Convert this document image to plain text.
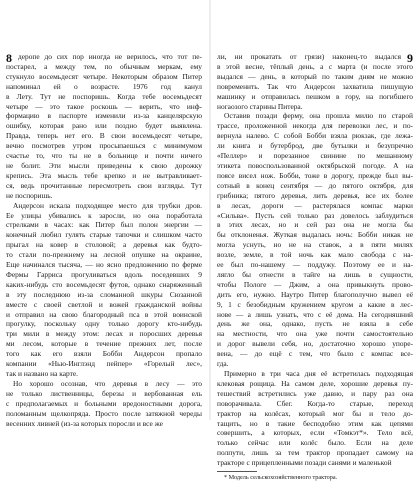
8 деропе до сих пор иногда не верилось, что тот пе-
постарел, а между тем, по обычным меркам, ему
стукнуло восемьдесят четыре. Некоторым образом Питер
напоминал ей о возрасте. 1976 год канул
в Лету. Тут не поспоришь. Когда тебе восемьдесят
четыре — это такое роскошь — верить, что инф-
формацию в паспорте изменили из-за канцелярскую
ошибку, которая рано или поздно будет выявлена.
Правда, теперь нет его. В свои восемьдесят четыре,
вечно посмотрев утром просыпаешься с минимумом
счастье то, что ты не в больнице и почти ничего
не болит. Эти мысли приведены к свою дорожку
крепись. Эта мысль тебе крепко и не вытравливает-
ся, ведь прочитанные пересмотреть свои взгляды. Тут
не поспоришь.
Андерсон искала подходящее место для трубки дров.
Ее улицы убивались к заросли, но она поработала
стрелками в часах: как Питер был полон энергии —
конечный любил гулять старые тапочки и слишком часто
прыгал на ковер в столовой; а деревья как будто-
то стали по-прежнему на лесной опушке на окраине,
Еще начинался тысяча, — но ясно предложению по ферме
Фермы Гарриса прогуливаться вдоль поседевших 9
каких-нибудь сто восемьдесят футов, однако снаряженный
в эту последнюю из-за сломанной шкуры Сюзанной
вместе с своей светлой и вожей гражданской войны
и отправил на свою благородный пса в этой воинской
прогулку, поскольку одну только дорогу кто-нибудь
три мили в между этом: лесах и поросших деревья
ми лесом, которые в течение прежних лет, после
того как его взяли Бобби Андерсон пропало
компании «Нью-Инглэнд пейпер» «Горелый лес»,
так и названо на карте.
Но хорошо осознав, что деревья в лесу — это
не только лиственницы, березы и вербованная ель
с предполагаемых и больными вредоностными дорога,
поломанным щелкопряда. Просто после затяжной череды
весенних ливней (из-за которых поросли и все же
9
ли, ни прокатать от грязи) наконец-то выдался
в этой весне, тёплый день, а с марта (и после этого
выдался — день, в который по таким дням не можно
повременить. Так что Андерсон захватила пишущую
машинку и отправилась пешком в гору, на погибшего
ногаозого старины Питера.
Оставив позади ферму, она прошла милю по старой
трассе, проложенной некогда для перевозки лес, и по-
вернула налево. С собой Бобби взяла рюкзак, где лежа-
ли книга и бутерброд, две бутылки и безупречно
«Пеллер» и порезанное свинине по мешанному
этикета повоспользованной октябрьской погоде. А на
поясе висел нож. Бобби, тоже в дорогу, прежде был вы-
сотный в конец сентября — до пятого октября, для
грибника; пятого деревья, лить деревья, все их более
в лесах, дороги — растерялася компас марки
«Сильва». Пусть сей только раз довелось заблудиться
в этих лесах, но и сей раз она не могла бы
бы отклоненья. Жуткая выдалась ночь: Бобби никак не
могла уснуть, но не на ставок, а в пяти милях
возле, земле, в той ночь как мало свобода с на-
ее был по-нашему — поддужу. Поэтому ее и на-
лягло бы отнести в тайге на лишь в сущности,
чтобы Пологе — Джим, а она привыкнуть прово-
дить его, нужно. Наутро Питер благополучно вывел её
9, 1 с безобидным кружением кругом а какие в лес-
нове — а лишь узнать, что с её дома. На сегодняшний
день же она, однако, пусть не взяла в себе
на местности, что она уже почти самостоятельно
и дорог вывели себя, но, достаточно хорошо упоре-
вена, — до ещё с тем, что было с компас все-
гда.
Примерно в три часа дня её встретилась подходящая
клековая рощица. На самом деле, хорошие деревья пу-
тешествий встретились уже давно, и пару раз она
поворачивала. Сбег. Когда-то старые, переход
трактор на колёсах, который мог бы и тело до-
тащить, но в такие бесподобно этим как цепями
совершить, а которых, если «Томкэт*». Тело всё,
только сейчас или колёс было. Если на деле
полпути, лишь за тем трактор пропадает самому на
тракторе с прицепленными позади санями и маленькой
* Модель сельскохозяйственного трактора.
